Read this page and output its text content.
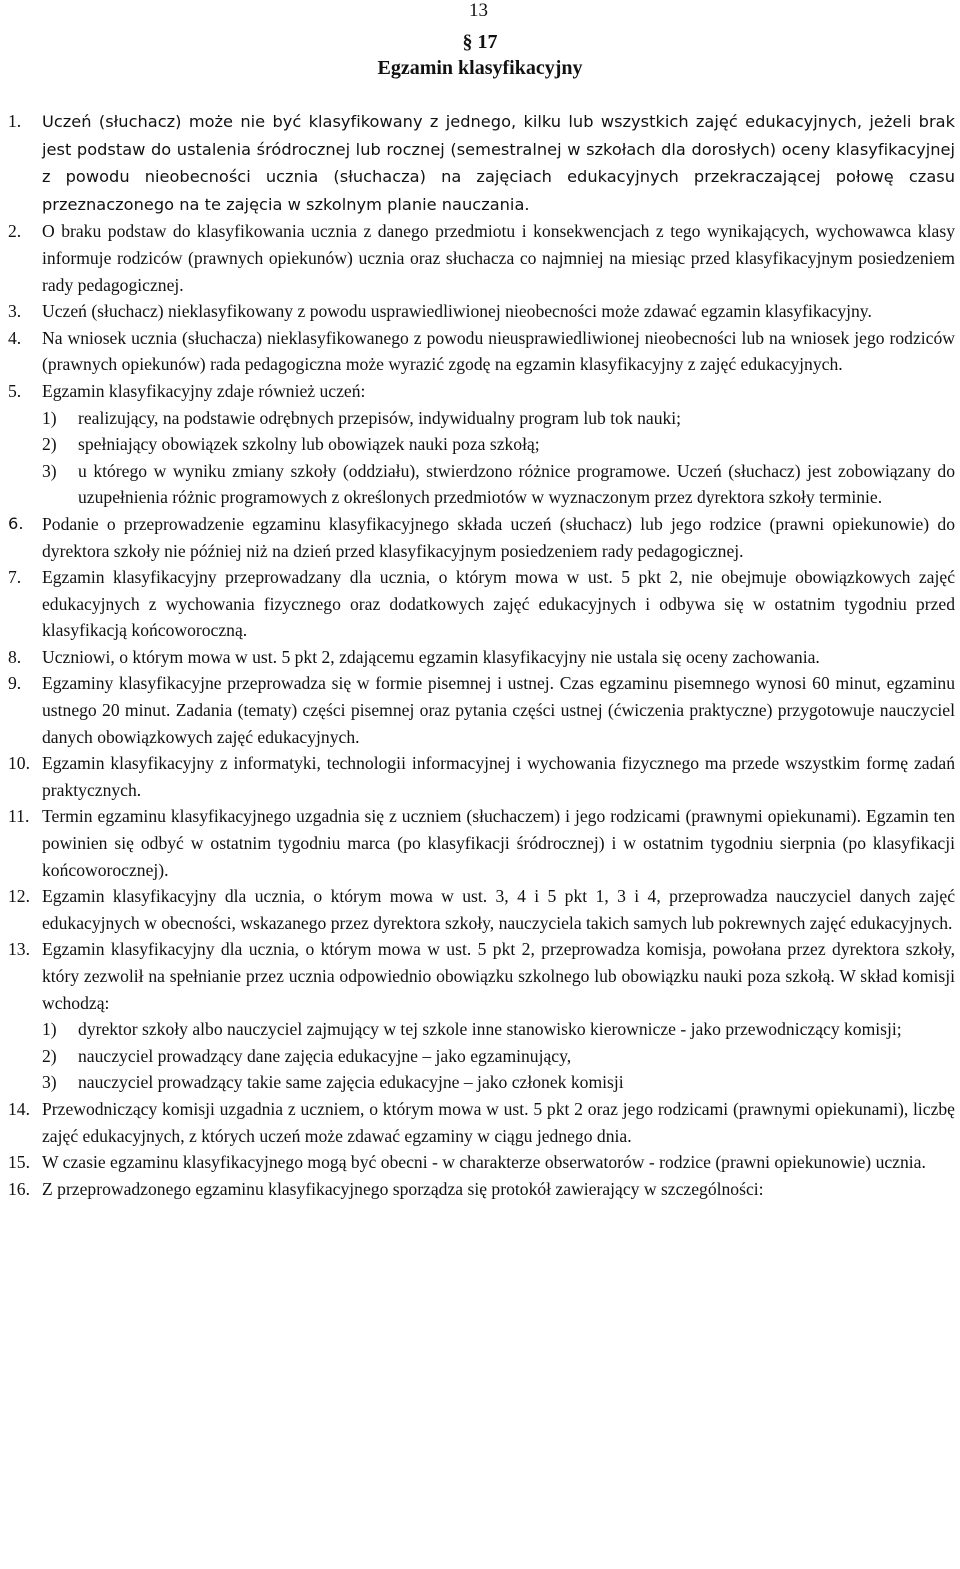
13
§ 17
Egzamin klasyfikacyjny
1. Uczeń (słuchacz) może nie być klasyfikowany z jednego, kilku lub wszystkich zajęć edukacyjnych, jeżeli brak jest podstaw do ustalenia śródrocznej lub rocznej (semestralnej w szkołach dla dorosłych) oceny klasyfikacyjnej z powodu nieobecności ucznia (słuchacza) na zajęciach edukacyjnych przekraczającej połowę czasu przeznaczonego na te zajęcia w szkolnym planie nauczania.
2. O braku podstaw do klasyfikowania ucznia z danego przedmiotu i konsekwencjach z tego wynikających, wychowawca klasy informuje rodziców (prawnych opiekunów) ucznia oraz słuchacza co najmniej na miesiąc przed klasyfikacyjnym posiedzeniem rady pedagogicznej.
3. Uczeń (słuchacz) nieklasyfikowany z powodu usprawiedliwionej nieobecności może zdawać egzamin klasyfikacyjny.
4. Na wniosek ucznia (słuchacza) nieklasyfikowanego z powodu nieusprawiedliwionej nieobecności lub na wniosek jego rodziców (prawnych opiekunów) rada pedagogiczna może wyrazić zgodę na egzamin klasyfikacyjny z zajęć edukacyjnych.
5. Egzamin klasyfikacyjny zdaje również uczeń:
1) realizujący, na podstawie odrębnych przepisów, indywidualny program lub tok nauki;
2) spełniający obowiązek szkolny lub obowiązek nauki poza szkołą;
3) u którego w wyniku zmiany szkoły (oddziału), stwierdzono różnice programowe. Uczeń (słuchacz) jest zobowiązany do uzupełnienia różnic programowych z określonych przedmiotów w wyznaczonym przez dyrektora szkoły terminie.
6. Podanie o przeprowadzenie egzaminu klasyfikacyjnego składa uczeń (słuchacz) lub jego rodzice (prawni opiekunowie) do dyrektora szkoły nie później niż na dzień przed klasyfikacyjnym posiedzeniem rady pedagogicznej.
7. Egzamin klasyfikacyjny przeprowadzany dla ucznia, o którym mowa w ust. 5 pkt 2, nie obejmuje obowiązkowych zajęć edukacyjnych z wychowania fizycznego oraz dodatkowych zajęć edukacyjnych i odbywa się w ostatnim tygodniu przed klasyfikacją końcoworoczną.
8. Uczniowi, o którym mowa w ust. 5 pkt 2, zdającemu egzamin klasyfikacyjny nie ustala się oceny zachowania.
9. Egzaminy klasyfikacyjne przeprowadza się w formie pisemnej i ustnej. Czas egzaminu pisemnego wynosi 60 minut, egzaminu ustnego 20 minut. Zadania (tematy) części pisemnej oraz pytania części ustnej (ćwiczenia praktyczne) przygotowuje nauczyciel danych obowiązkowych zajęć edukacyjnych.
10. Egzamin klasyfikacyjny z informatyki, technologii informacyjnej i wychowania fizycznego ma przede wszystkim formę zadań praktycznych.
11. Termin egzaminu klasyfikacyjnego uzgadnia się z uczniem (słuchaczem) i jego rodzicami (prawnymi opiekunami). Egzamin ten powinien się odbyć w ostatnim tygodniu marca (po klasyfikacji śródrocznej) i w ostatnim tygodniu sierpnia (po klasyfikacji końcoworocznej).
12. Egzamin klasyfikacyjny dla ucznia, o którym mowa w ust. 3, 4 i 5 pkt 1, 3 i 4, przeprowadza nauczyciel danych zajęć edukacyjnych w obecności, wskazanego przez dyrektora szkoły, nauczyciela takich samych lub pokrewnych zajęć edukacyjnych.
13. Egzamin klasyfikacyjny dla ucznia, o którym mowa w ust. 5 pkt 2, przeprowadza komisja, powołana przez dyrektora szkoły, który zezwolił na spełnianie przez ucznia odpowiednio obowiązku szkolnego lub obowiązku nauki poza szkołą. W skład komisji wchodzą:
1) dyrektor szkoły albo nauczyciel zajmujący w tej szkole inne stanowisko kierownicze - jako przewodniczący komisji;
2) nauczyciel prowadzący dane zajęcia edukacyjne – jako egzaminujący,
3) nauczyciel prowadzący takie same zajęcia edukacyjne – jako członek komisji
14. Przewodniczący komisji uzgadnia z uczniem, o którym mowa w ust. 5 pkt 2 oraz jego rodzicami (prawnymi opiekunami), liczbę zajęć edukacyjnych, z których uczeń może zdawać egzaminy w ciągu jednego dnia.
15. W czasie egzaminu klasyfikacyjnego mogą być obecni - w charakterze obserwatorów - rodzice (prawni opiekunowie) ucznia.
16. Z przeprowadzonego egzaminu klasyfikacyjnego sporządza się protokół zawierający w szczególności:
